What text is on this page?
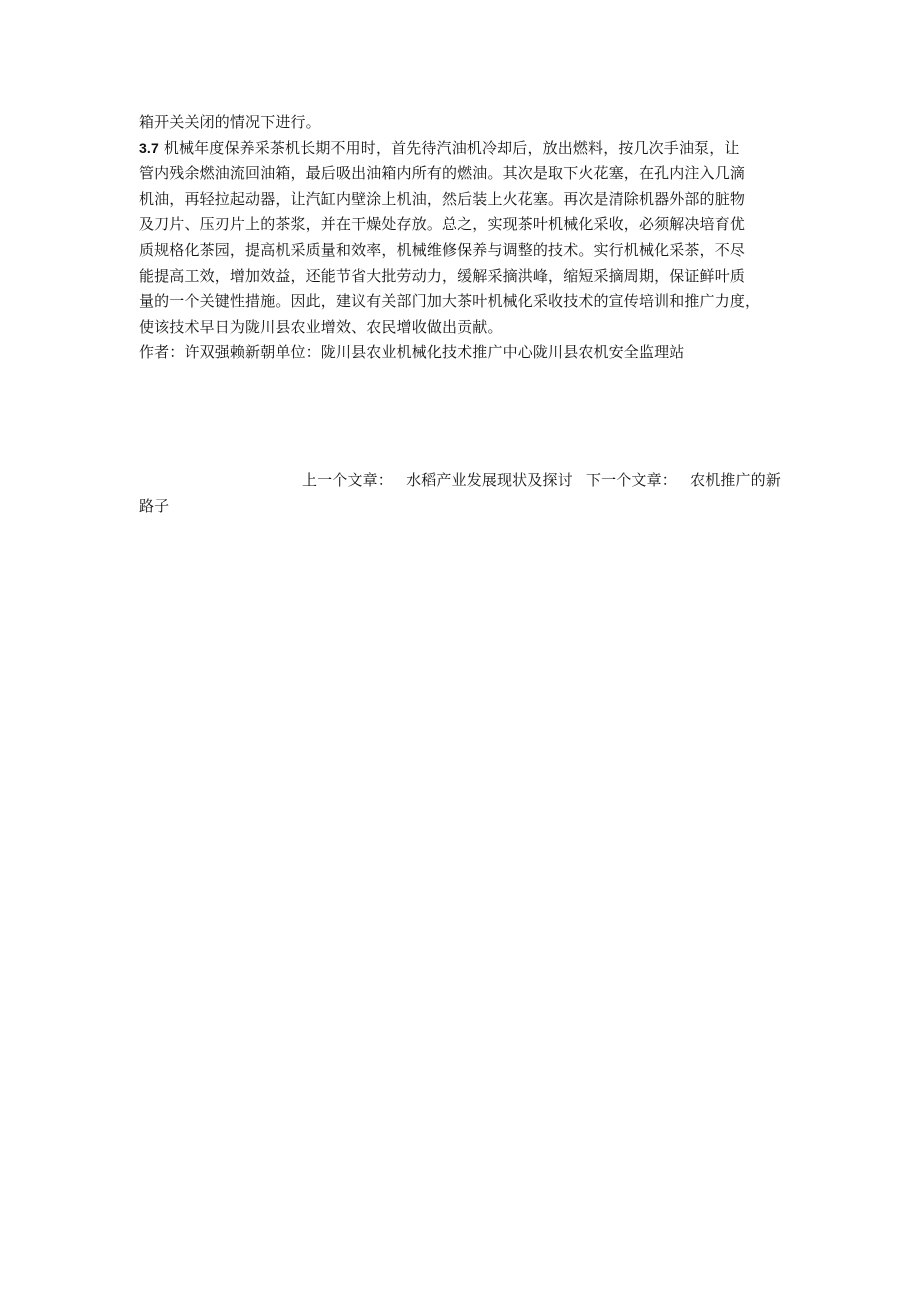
箱开关关闭的情况下进行。
3.7 机械年度保养采茶机长期不用时，首先待汽油机冷却后，放出燃料，按几次手油泵，让
管内残余燃油流回油箱，最后吸出油箱内所有的燃油。其次是取下火花塞，在孔内注入几滴
机油，再轻拉起动器，让汽缸内壁涂上机油，然后装上火花塞。再次是清除机器外部的脏物
及刀片、压刃片上的茶浆，并在干燥处存放。总之，实现茶叶机械化采收，必须解决培育优
质规格化茶园，提高机采质量和效率，机械维修保养与调整的技术。实行机械化采茶，不尽
能提高工效，增加效益，还能节省大批劳动力，缓解采摘洪峰，缩短采摘周期，保证鲜叶质
量的一个关键性措施。因此，建议有关部门加大茶叶机械化采收技术的宣传培训和推广力度，
使该技术早日为陇川县农业增效、农民增收做出贡献。
作者：许双强赖新朝单位：陇川县农业机械化技术推广中心陇川县农机安全监理站
上一个文章： 水稻产业发展现状及探讨 下一个文章： 农机推广的新
路子
